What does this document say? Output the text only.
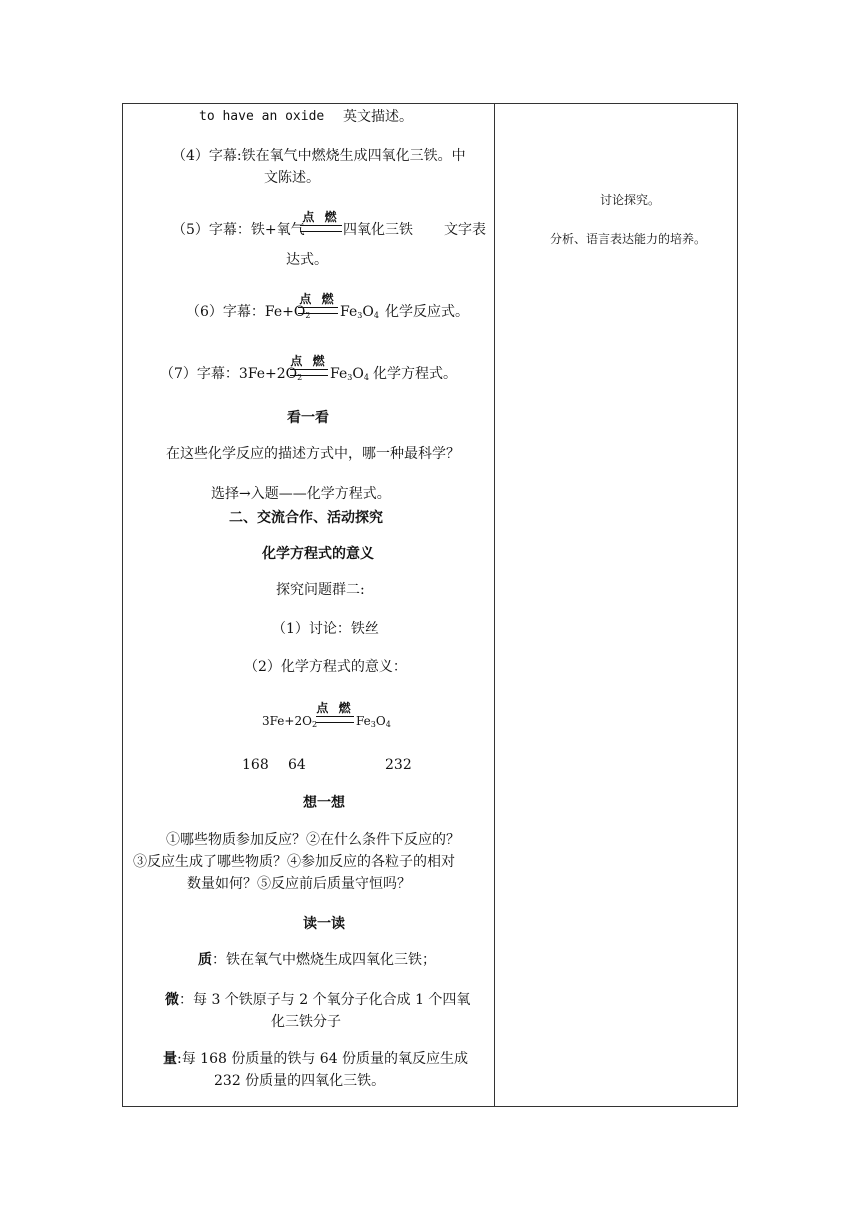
to have an oxide 英文描述。
（4）字幕:铁在氧气中燃烧生成四氧化三铁。中
文陈述。
（5）字幕：铁+氧气
点 燃
四氧化三铁 文字表
达式。
（6）字幕：$Fe+O_2$
点 燃
$Fe_3O_4$ 化学反应式。
（7）字幕：$3Fe+2O_2$
点 燃
$Fe_3O_4$ 化学方程式。
看一看
在这些化学反应的描述方式中，哪一种最科学？
选择→入题——化学方程式。
二、交流合作、活动探究
化学方程式的意义
探究问题群二:
（1）讨论：铁丝
（2）化学方程式的意义：
$3Fe+2O_2$
点 燃
$Fe_3O_4$
168 64	232
想一想
①哪些物质参加反应？②在什么条件下反应的？
③反应生成了哪些物质？④参加反应的各粒子的相对
数量如何？⑤反应前后质量守恒吗？
读一读
质：铁在氧气中燃烧生成四氧化三铁；
微：每 3 个铁原子与 2 个氧分子化合成 1 个四氧
化三铁分子
量:每 168 份质量的铁与 64 份质量的氧反应生成
232 份质量的四氧化三铁。
讨论探究。
分析、语言表达能力的培养。
